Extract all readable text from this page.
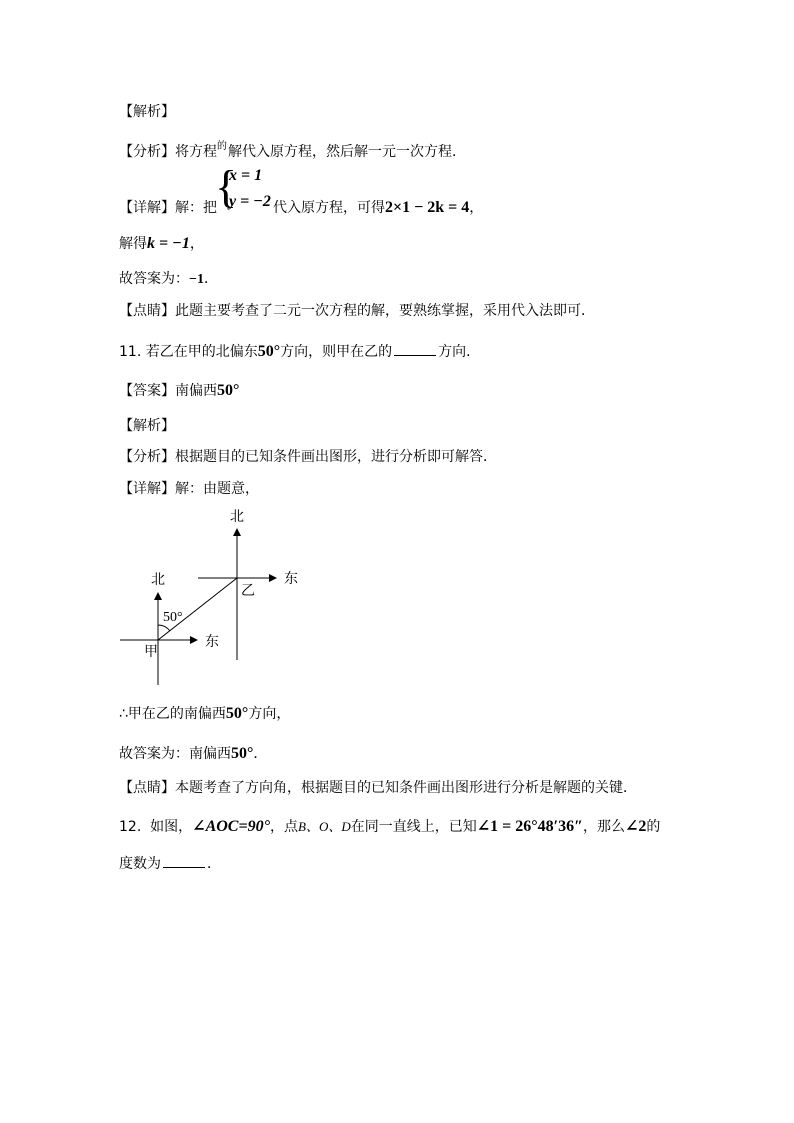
【解析】
【分析】将方程$^的$解代入原方程，然后解一元一次方程．
{
x = 1
y = −2
【详解】解：把	代入原方程，可得2×1 − 2k = 4，
解得k = −1，
故答案为：−1．
【点睛】此题主要考查了二元一次方程的解，要熟练掌握，采用代入法即可．
11. 若乙在甲的北偏东50°方向，则甲在乙的	方向．
【答案】南偏西50°
【解析】
【分析】根据题目的已知条件画出图形，进行分析即可解答．
【详解】解：由题意，
北
东
乙
北
50°
东
甲
∴甲在乙的南偏西50°方向，
故答案为：南偏西50°．
【点睛】本题考查了方向角，根据题目的已知条件画出图形进行分析是解题的关键．
12. 如图，∠AOC=90°，点B、O、D在同一直线上，已知∠1 = 26°48′36″，那么∠2的
度数为	．
